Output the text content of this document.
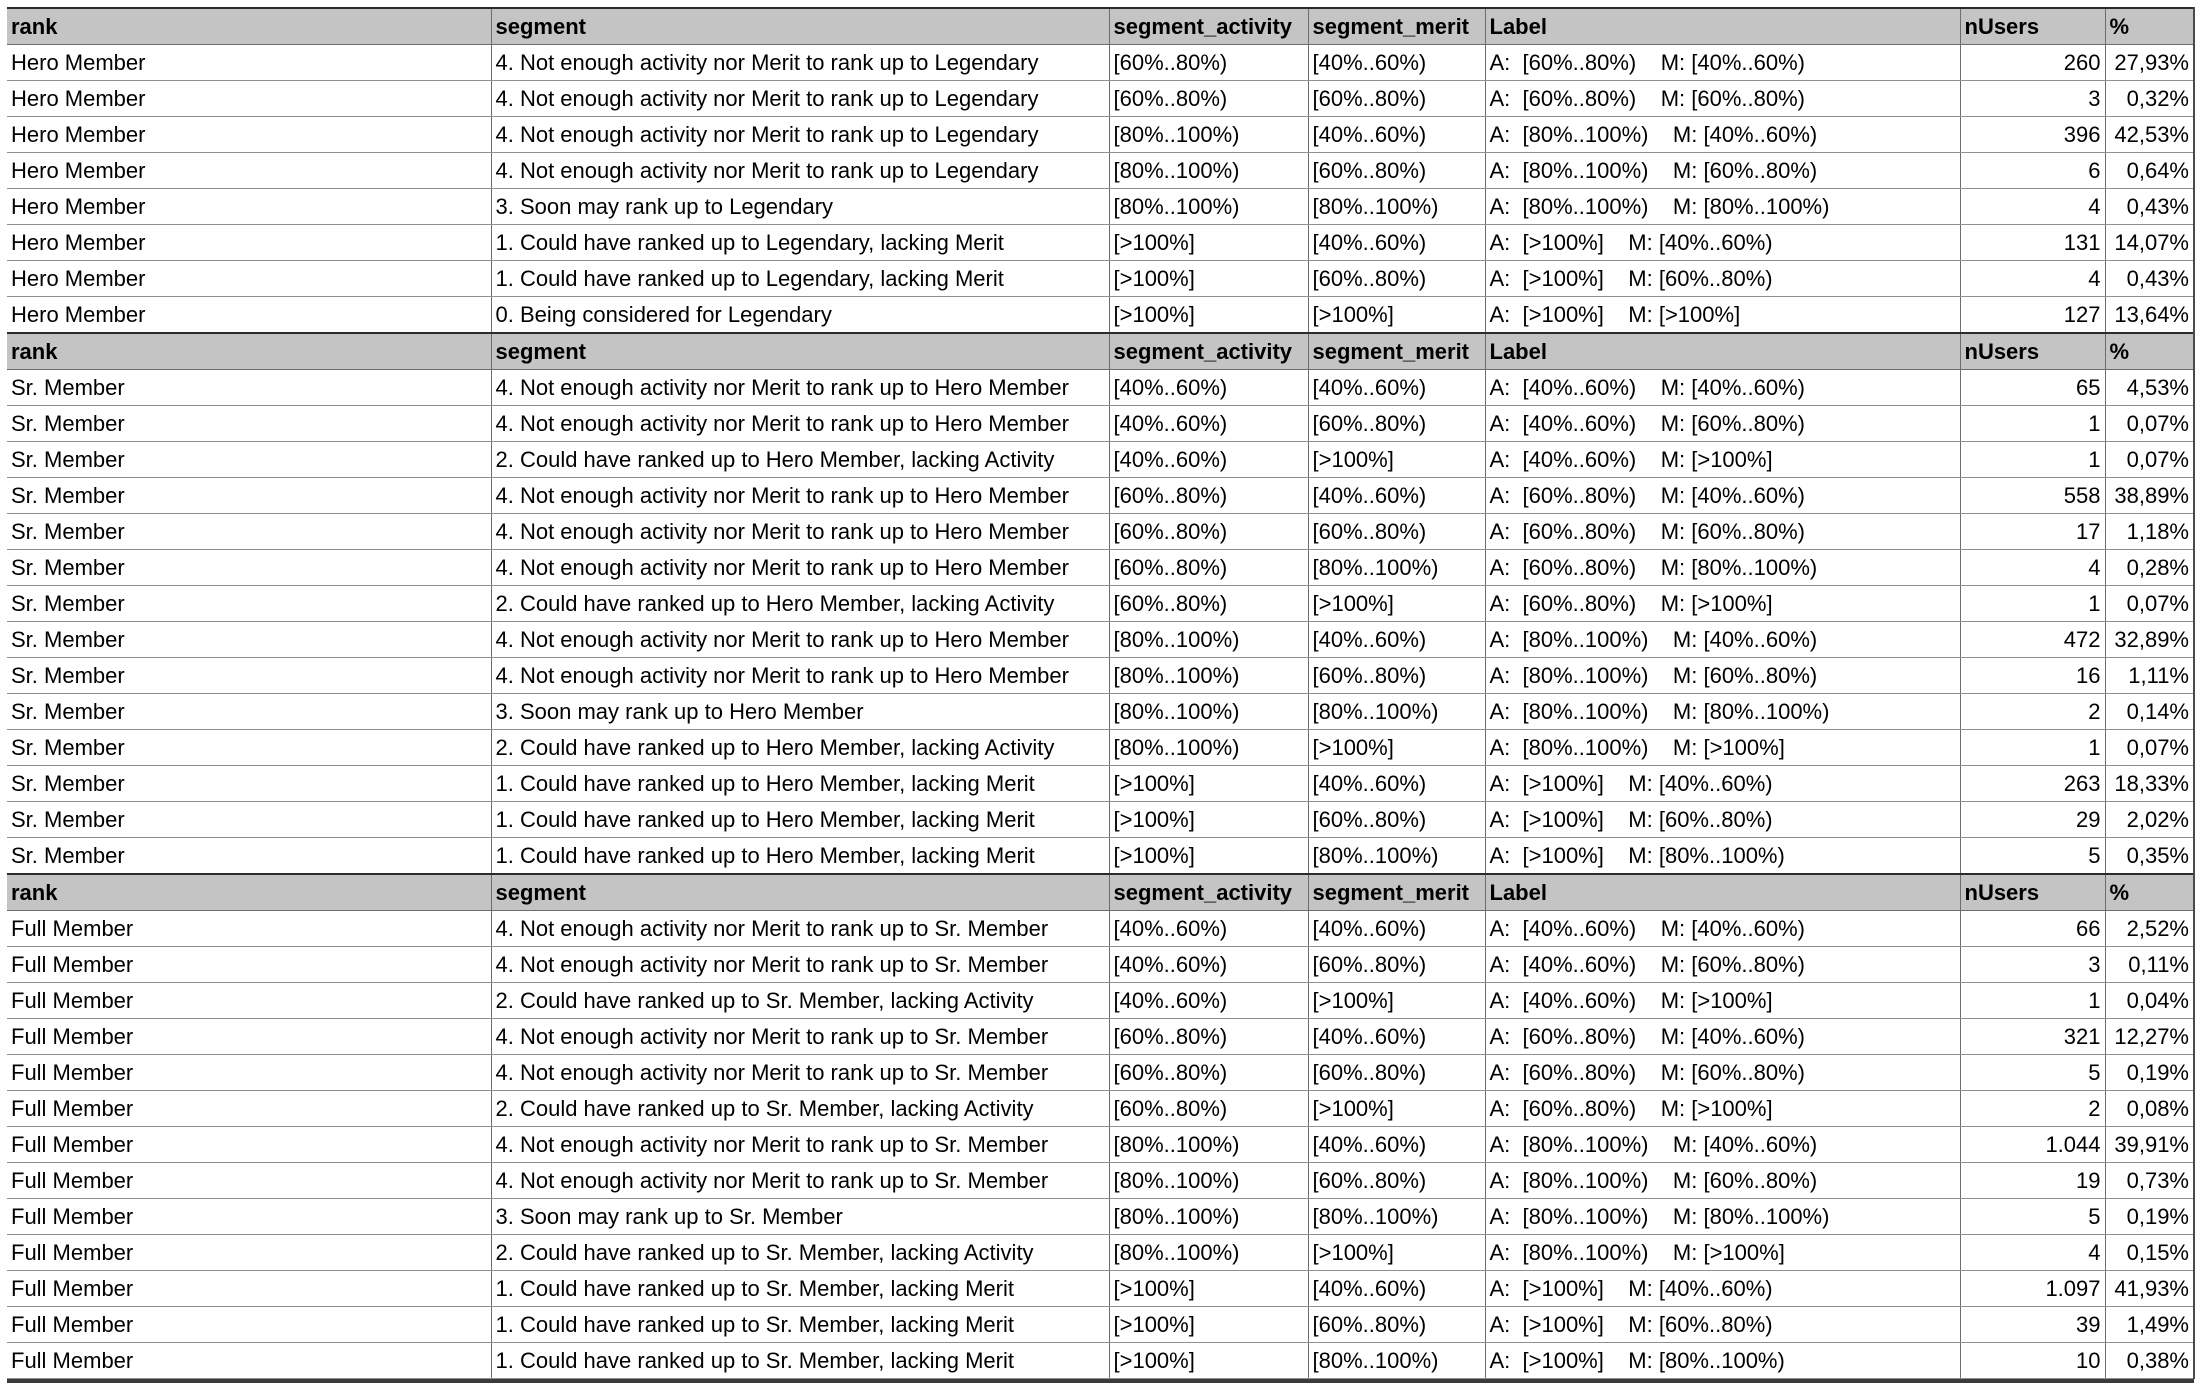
rank	segment	segment_activity	segment_merit	Label	nUsers	%
Hero Member	4. Not enough activity nor Merit to rank up to Legendary	[60%..80%)	[40%..60%)	A:  [60%..80%)    M: [40%..60%)	260	27,93%
Hero Member	4. Not enough activity nor Merit to rank up to Legendary	[60%..80%)	[60%..80%)	A:  [60%..80%)    M: [60%..80%)	3	0,32%
Hero Member	4. Not enough activity nor Merit to rank up to Legendary	[80%..100%)	[40%..60%)	A:  [80%..100%)    M: [40%..60%)	396	42,53%
Hero Member	4. Not enough activity nor Merit to rank up to Legendary	[80%..100%)	[60%..80%)	A:  [80%..100%)    M: [60%..80%)	6	0,64%
Hero Member	3. Soon may rank up to Legendary	[80%..100%)	[80%..100%)	A:  [80%..100%)    M: [80%..100%)	4	0,43%
Hero Member	1. Could have ranked up to Legendary, lacking Merit	[>100%]	[40%..60%)	A:  [>100%]    M: [40%..60%)	131	14,07%
Hero Member	1. Could have ranked up to Legendary, lacking Merit	[>100%]	[60%..80%)	A:  [>100%]    M: [60%..80%)	4	0,43%
Hero Member	0. Being considered for Legendary	[>100%]	[>100%]	A:  [>100%]    M: [>100%]	127	13,64%
rank	segment	segment_activity	segment_merit	Label	nUsers	%
Sr. Member	4. Not enough activity nor Merit to rank up to Hero Member	[40%..60%)	[40%..60%)	A:  [40%..60%)    M: [40%..60%)	65	4,53%
Sr. Member	4. Not enough activity nor Merit to rank up to Hero Member	[40%..60%)	[60%..80%)	A:  [40%..60%)    M: [60%..80%)	1	0,07%
Sr. Member	2. Could have ranked up to Hero Member, lacking Activity	[40%..60%)	[>100%]	A:  [40%..60%)    M: [>100%]	1	0,07%
Sr. Member	4. Not enough activity nor Merit to rank up to Hero Member	[60%..80%)	[40%..60%)	A:  [60%..80%)    M: [40%..60%)	558	38,89%
Sr. Member	4. Not enough activity nor Merit to rank up to Hero Member	[60%..80%)	[60%..80%)	A:  [60%..80%)    M: [60%..80%)	17	1,18%
Sr. Member	4. Not enough activity nor Merit to rank up to Hero Member	[60%..80%)	[80%..100%)	A:  [60%..80%)    M: [80%..100%)	4	0,28%
Sr. Member	2. Could have ranked up to Hero Member, lacking Activity	[60%..80%)	[>100%]	A:  [60%..80%)    M: [>100%]	1	0,07%
Sr. Member	4. Not enough activity nor Merit to rank up to Hero Member	[80%..100%)	[40%..60%)	A:  [80%..100%)    M: [40%..60%)	472	32,89%
Sr. Member	4. Not enough activity nor Merit to rank up to Hero Member	[80%..100%)	[60%..80%)	A:  [80%..100%)    M: [60%..80%)	16	1,11%
Sr. Member	3. Soon may rank up to Hero Member	[80%..100%)	[80%..100%)	A:  [80%..100%)    M: [80%..100%)	2	0,14%
Sr. Member	2. Could have ranked up to Hero Member, lacking Activity	[80%..100%)	[>100%]	A:  [80%..100%)    M: [>100%]	1	0,07%
Sr. Member	1. Could have ranked up to Hero Member, lacking Merit	[>100%]	[40%..60%)	A:  [>100%]    M: [40%..60%)	263	18,33%
Sr. Member	1. Could have ranked up to Hero Member, lacking Merit	[>100%]	[60%..80%)	A:  [>100%]    M: [60%..80%)	29	2,02%
Sr. Member	1. Could have ranked up to Hero Member, lacking Merit	[>100%]	[80%..100%)	A:  [>100%]    M: [80%..100%)	5	0,35%
rank	segment	segment_activity	segment_merit	Label	nUsers	%
Full Member	4. Not enough activity nor Merit to rank up to Sr. Member	[40%..60%)	[40%..60%)	A:  [40%..60%)    M: [40%..60%)	66	2,52%
Full Member	4. Not enough activity nor Merit to rank up to Sr. Member	[40%..60%)	[60%..80%)	A:  [40%..60%)    M: [60%..80%)	3	0,11%
Full Member	2. Could have ranked up to Sr. Member, lacking Activity	[40%..60%)	[>100%]	A:  [40%..60%)    M: [>100%]	1	0,04%
Full Member	4. Not enough activity nor Merit to rank up to Sr. Member	[60%..80%)	[40%..60%)	A:  [60%..80%)    M: [40%..60%)	321	12,27%
Full Member	4. Not enough activity nor Merit to rank up to Sr. Member	[60%..80%)	[60%..80%)	A:  [60%..80%)    M: [60%..80%)	5	0,19%
Full Member	2. Could have ranked up to Sr. Member, lacking Activity	[60%..80%)	[>100%]	A:  [60%..80%)    M: [>100%]	2	0,08%
Full Member	4. Not enough activity nor Merit to rank up to Sr. Member	[80%..100%)	[40%..60%)	A:  [80%..100%)    M: [40%..60%)	1.044	39,91%
Full Member	4. Not enough activity nor Merit to rank up to Sr. Member	[80%..100%)	[60%..80%)	A:  [80%..100%)    M: [60%..80%)	19	0,73%
Full Member	3. Soon may rank up to Sr. Member	[80%..100%)	[80%..100%)	A:  [80%..100%)    M: [80%..100%)	5	0,19%
Full Member	2. Could have ranked up to Sr. Member, lacking Activity	[80%..100%)	[>100%]	A:  [80%..100%)    M: [>100%]	4	0,15%
Full Member	1. Could have ranked up to Sr. Member, lacking Merit	[>100%]	[40%..60%)	A:  [>100%]    M: [40%..60%)	1.097	41,93%
Full Member	1. Could have ranked up to Sr. Member, lacking Merit	[>100%]	[60%..80%)	A:  [>100%]    M: [60%..80%)	39	1,49%
Full Member	1. Could have ranked up to Sr. Member, lacking Merit	[>100%]	[80%..100%)	A:  [>100%]    M: [80%..100%)	10	0,38%
